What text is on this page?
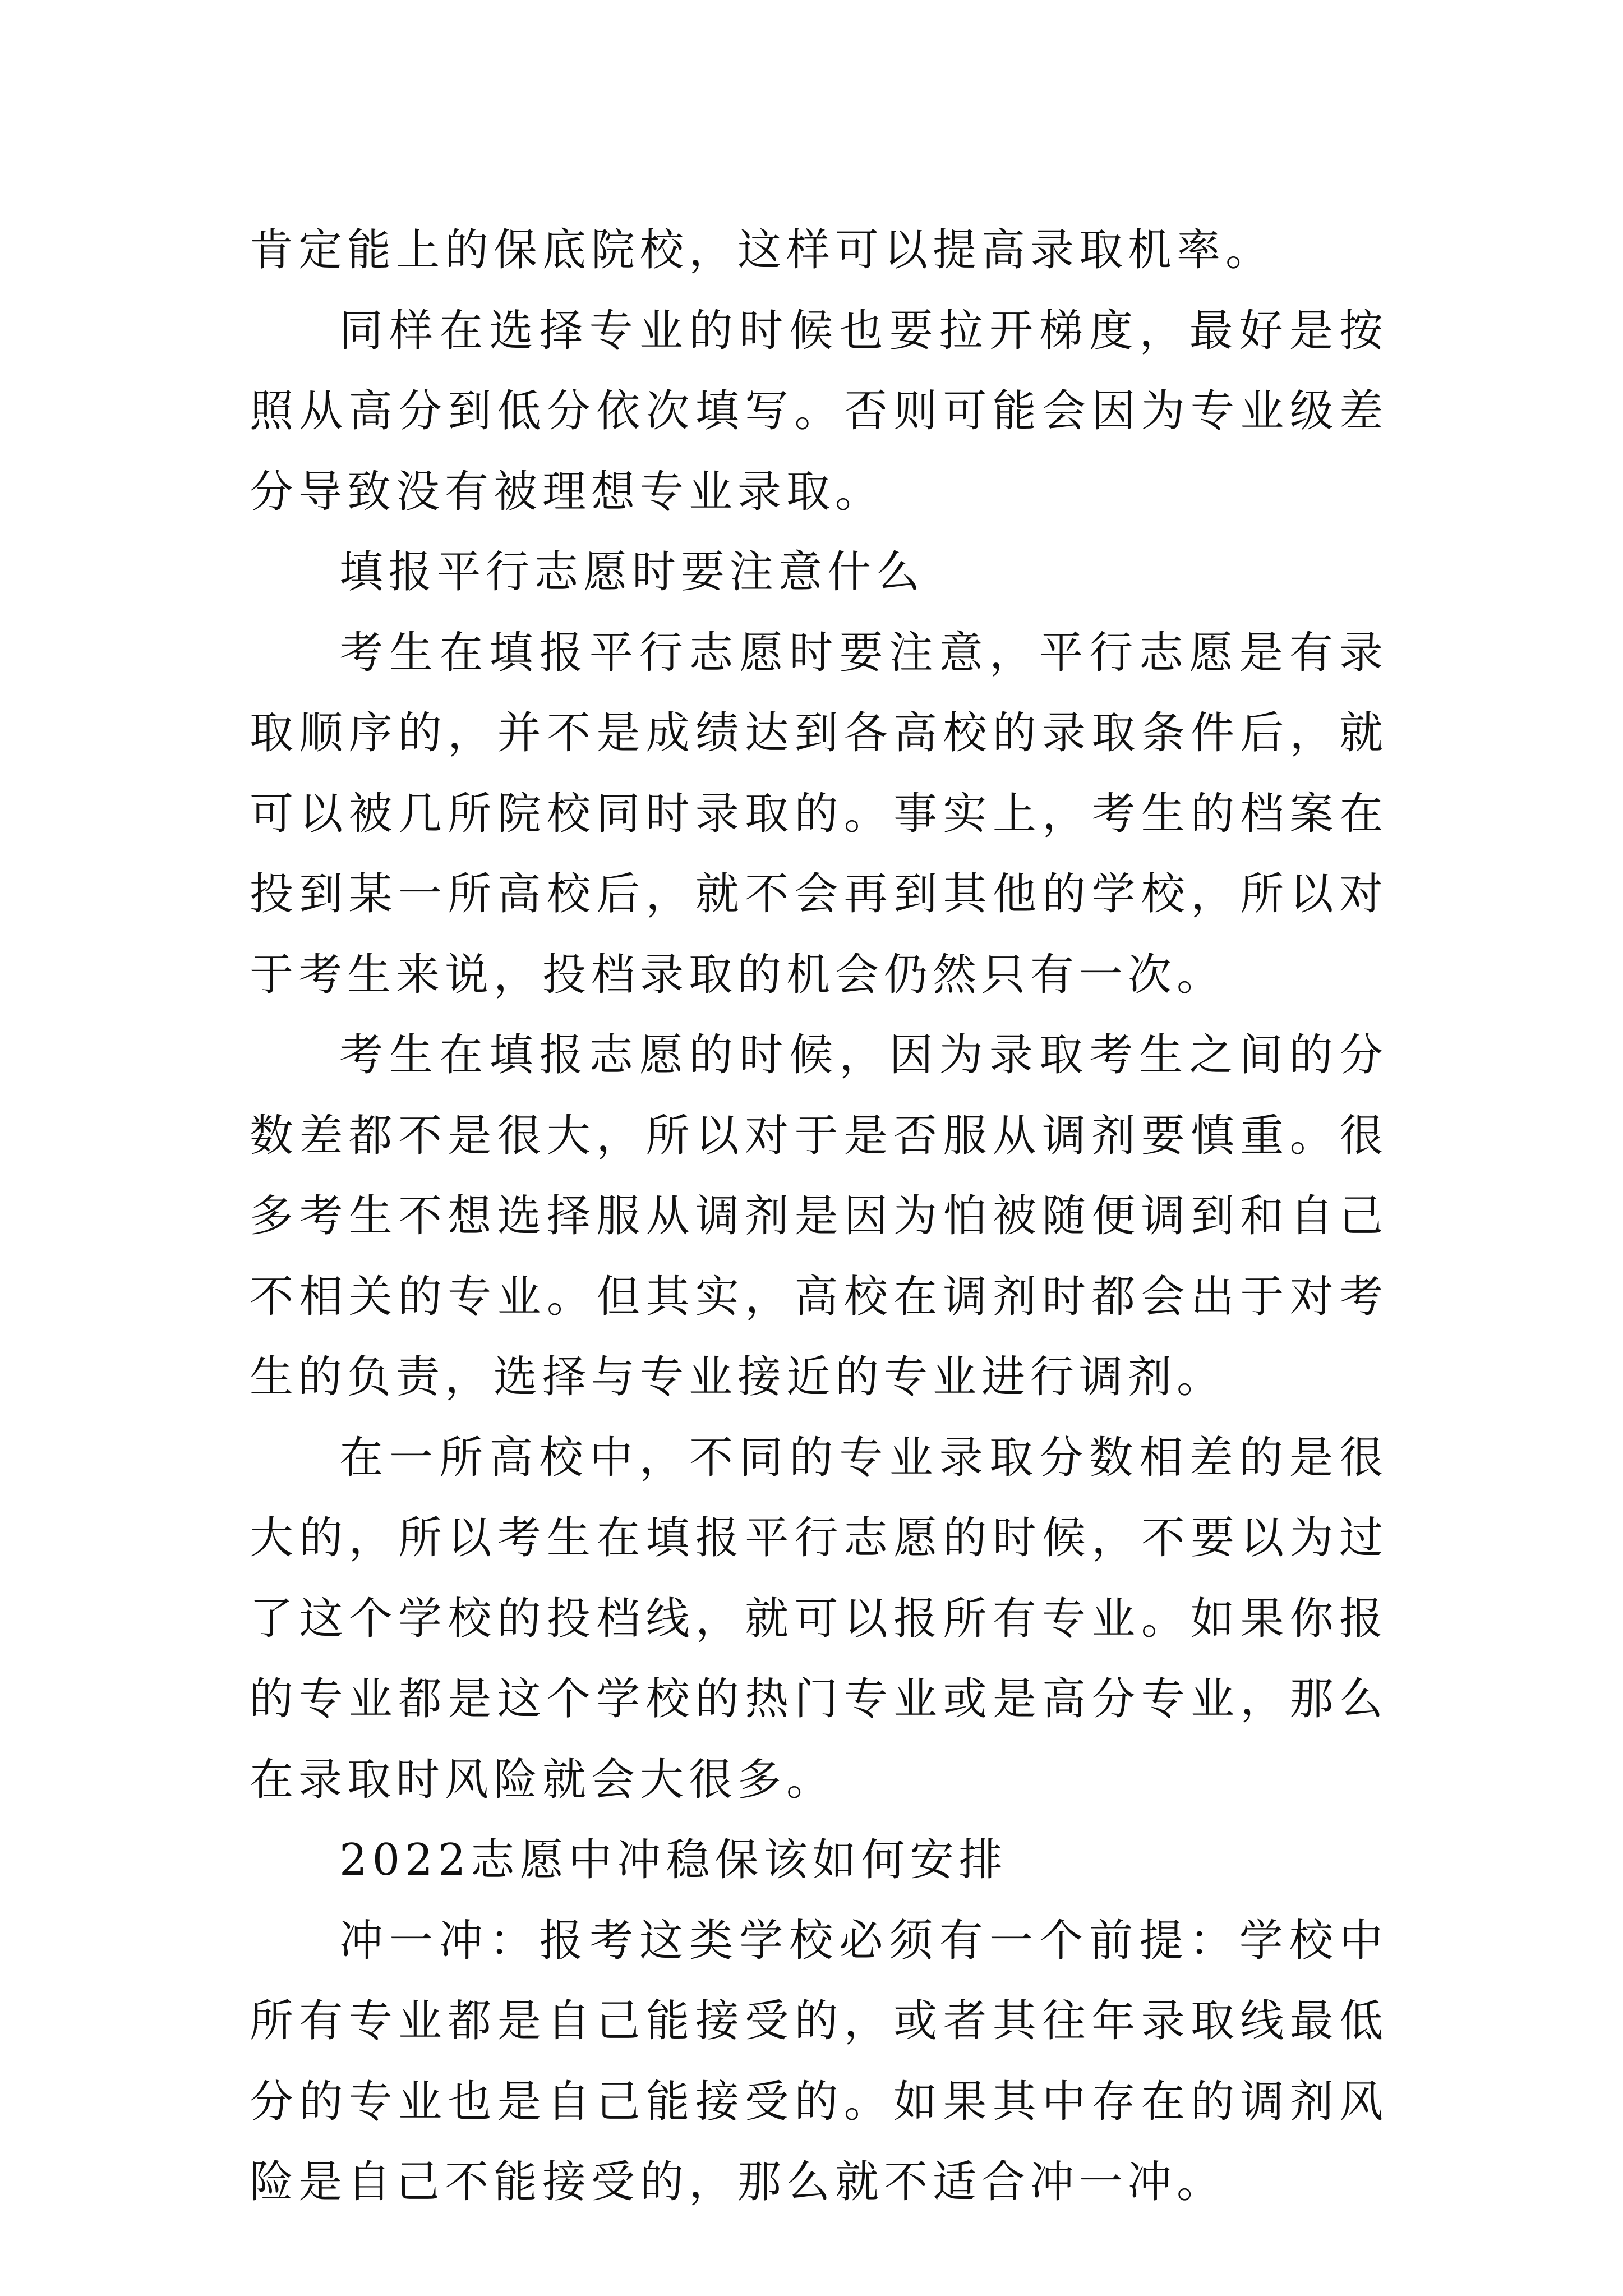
肯定能上的保底院校，这样可以提高录取机率。

同样在选择专业的时候也要拉开梯度，最好是按照从高分到低分依次填写。否则可能会因为专业级差分导致没有被理想专业录取。

填报平行志愿时要注意什么

考生在填报平行志愿时要注意，平行志愿是有录取顺序的，并不是成绩达到各高校的录取条件后，就可以被几所院校同时录取的。事实上，考生的档案在投到某一所高校后，就不会再到其他的学校，所以对于考生来说，投档录取的机会仍然只有一次。

考生在填报志愿的时候，因为录取考生之间的分数差都不是很大，所以对于是否服从调剂要慎重。很多考生不想选择服从调剂是因为怕被随便调到和自己不相关的专业。但其实，高校在调剂时都会出于对考生的负责，选择与专业接近的专业进行调剂。

在一所高校中，不同的专业录取分数相差的是很大的，所以考生在填报平行志愿的时候，不要以为过了这个学校的投档线，就可以报所有专业。如果你报的专业都是这个学校的热门专业或是高分专业，那么在录取时风险就会大很多。

2022志愿中冲稳保该如何安排

冲一冲：报考这类学校必须有一个前提：学校中所有专业都是自己能接受的，或者其往年录取线最低分的专业也是自己能接受的。如果其中存在的调剂风险是自己不能接受的，那么就不适合冲一冲。
